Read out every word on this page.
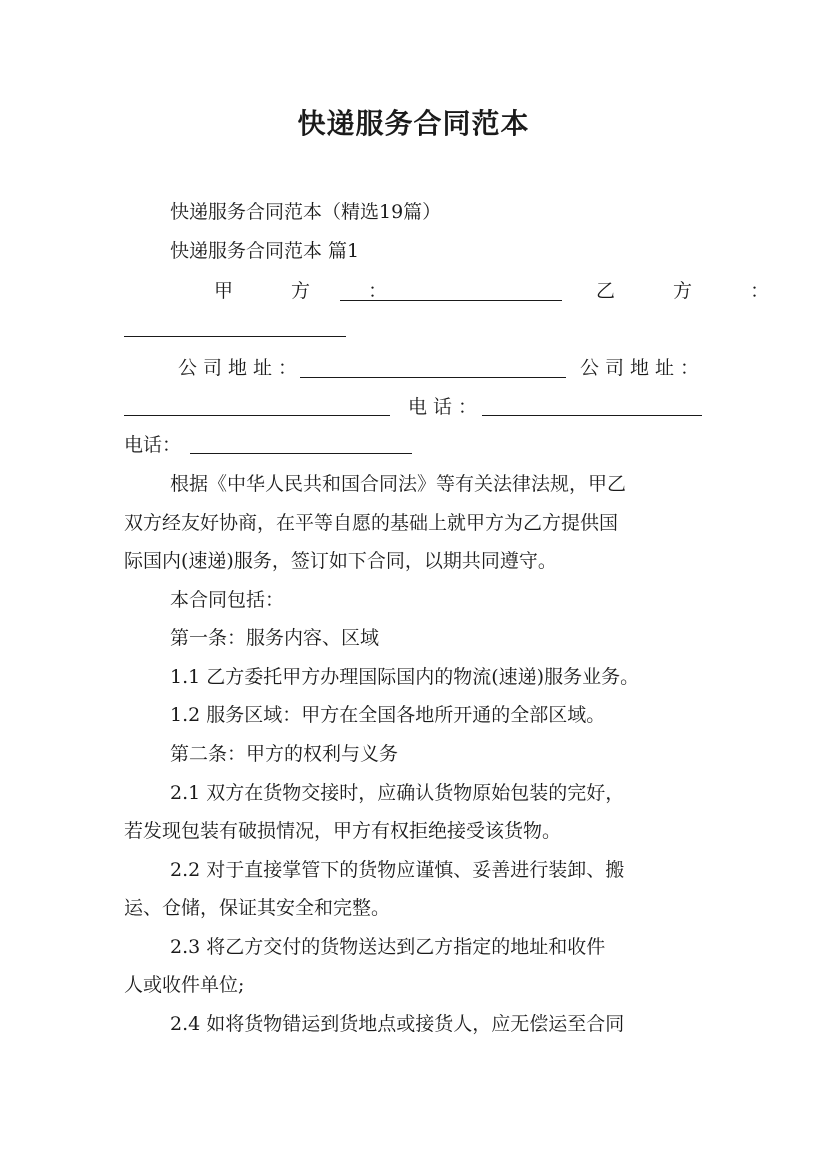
快递服务合同范本
快递服务合同范本（精选19篇）
快递服务合同范本 篇1
甲 方 ：	乙 方 ：
公司地址：	公司地址：
电话：
电话：
根据《中华人民共和国合同法》等有关法律法规，甲乙
双方经友好协商，在平等自愿的基础上就甲方为乙方提供国
际国内(速递)服务，签订如下合同，以期共同遵守。
本合同包括：
第一条：服务内容、区域
1.1 乙方委托甲方办理国际国内的物流(速递)服务业务。
1.2 服务区域：甲方在全国各地所开通的全部区域。
第二条：甲方的权利与义务
2.1 双方在货物交接时，应确认货物原始包装的完好，
若发现包装有破损情况，甲方有权拒绝接受该货物。
2.2 对于直接掌管下的货物应谨慎、妥善进行装卸、搬
运、仓储，保证其安全和完整。
2.3 将乙方交付的货物送达到乙方指定的地址和收件
人或收件单位;
2.4 如将货物错运到货地点或接货人，应无偿运至合同
